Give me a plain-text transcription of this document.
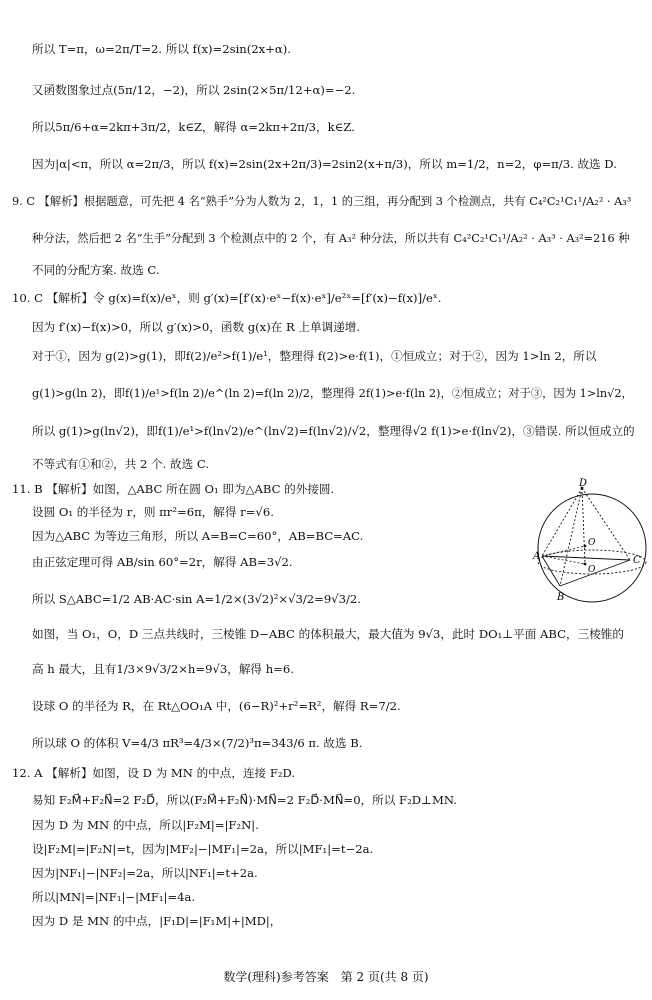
所以 T=π，ω=2π/T=2. 所以 f(x)=2sin(2x+α).
又函数图象过点(5π/12，−2)，所以 2sin(2×5π/12+α)=−2.
所以5π/6+α=2kπ+3π/2，k∈Z，解得 α=2kπ+2π/3，k∈Z.
因为|α|<π，所以 α=2π/3，所以 f(x)=2sin(2x+2π/3)=2sin2(x+π/3)，所以 m=1/2，n=2，φ=π/3. 故选 D.
9. C 【解析】根据题意，可先把 4 名“熟手”分为人数为 2，1，1 的三组，再分配到 3 个检测点，共有 C₄²C₂¹C₁¹/A₂² · A₃³
种分法，然后把 2 名“生手”分配到 3 个检测点中的 2 个，有 A₃² 种分法，所以共有 C₄²C₂¹C₁¹/A₂² · A₃³ · A₃²=216 种
不同的分配方案. 故选 C.
10. C 【解析】令 g(x)=f(x)/eˣ，则 g′(x)=[f′(x)·eˣ−f(x)·eˣ]/e²ˣ=[f′(x)−f(x)]/eˣ.
因为 f′(x)−f(x)>0，所以 g′(x)>0，函数 g(x)在 R 上单调递增.
对于①，因为 g(2)>g(1)，即f(2)/e²>f(1)/e¹，整理得 f(2)>e·f(1)，①恒成立；对于②，因为 1>ln 2，所以
g(1)>g(ln 2)，即f(1)/e¹>f(ln 2)/e^(ln 2)=f(ln 2)/2，整理得 2f(1)>e·f(ln 2)，②恒成立；对于③，因为 1>ln√2，
所以 g(1)>g(ln√2)，即f(1)/e¹>f(ln√2)/e^(ln√2)=f(ln√2)/√2，整理得√2 f(1)>e·f(ln√2)，③错误. 所以恒成立的
不等式有①和②，共 2 个. 故选 C.
11. B 【解析】如图，△ABC 所在圆 O₁ 即为△ABC 的外接圆.
设圆 O₁ 的半径为 r，则 πr²=6π，解得 r=√6.
因为△ABC 为等边三角形，所以 A=B=C=60°，AB=BC=AC.
由正弦定理可得 AB/sin 60°=2r，解得 AB=3√2.
所以 S△ABC=1/2 AB·AC·sin A=1/2×(3√2)²×√3/2=9√3/2.
如图，当 O₁，O，D 三点共线时，三棱锥 D−ABC 的体积最大，最大值为 9√3，此时 DO₁⊥平面 ABC，三棱锥的
高 h 最大，且有1/3×9√3/2×h=9√3，解得 h=6.
设球 O 的半径为 R，在 Rt△OO₁A 中，(6−R)²+r²=R²，解得 R=7/2.
所以球 O 的体积 V=4/3 πR³=4/3×(7/2)³π=343/6 π. 故选 B.
12. A 【解析】如图，设 D 为 MN 的中点，连接 F₂D.
易知 F₂M⃗+F₂N⃗=2 F₂D⃗，所以(F₂M⃗+F₂N⃗)·MN⃗=2 F₂D⃗·MN⃗=0，所以 F₂D⊥MN.
因为 D 为 MN 的中点，所以|F₂M|=|F₂N|.
设|F₂M|=|F₂N|=t，因为|MF₂|−|MF₁|=2a，所以|MF₁|=t−2a.
因为|NF₁|−|NF₂|=2a，所以|NF₁|=t+2a.
所以|MN|=|NF₁|−|MF₁|=4a.
因为 D 是 MN 的中点，|F₁D|=|F₁M|+|MD|，
D
O
O
A
B
C
数学(理科)参考答案　第 2 页(共 8 页)
